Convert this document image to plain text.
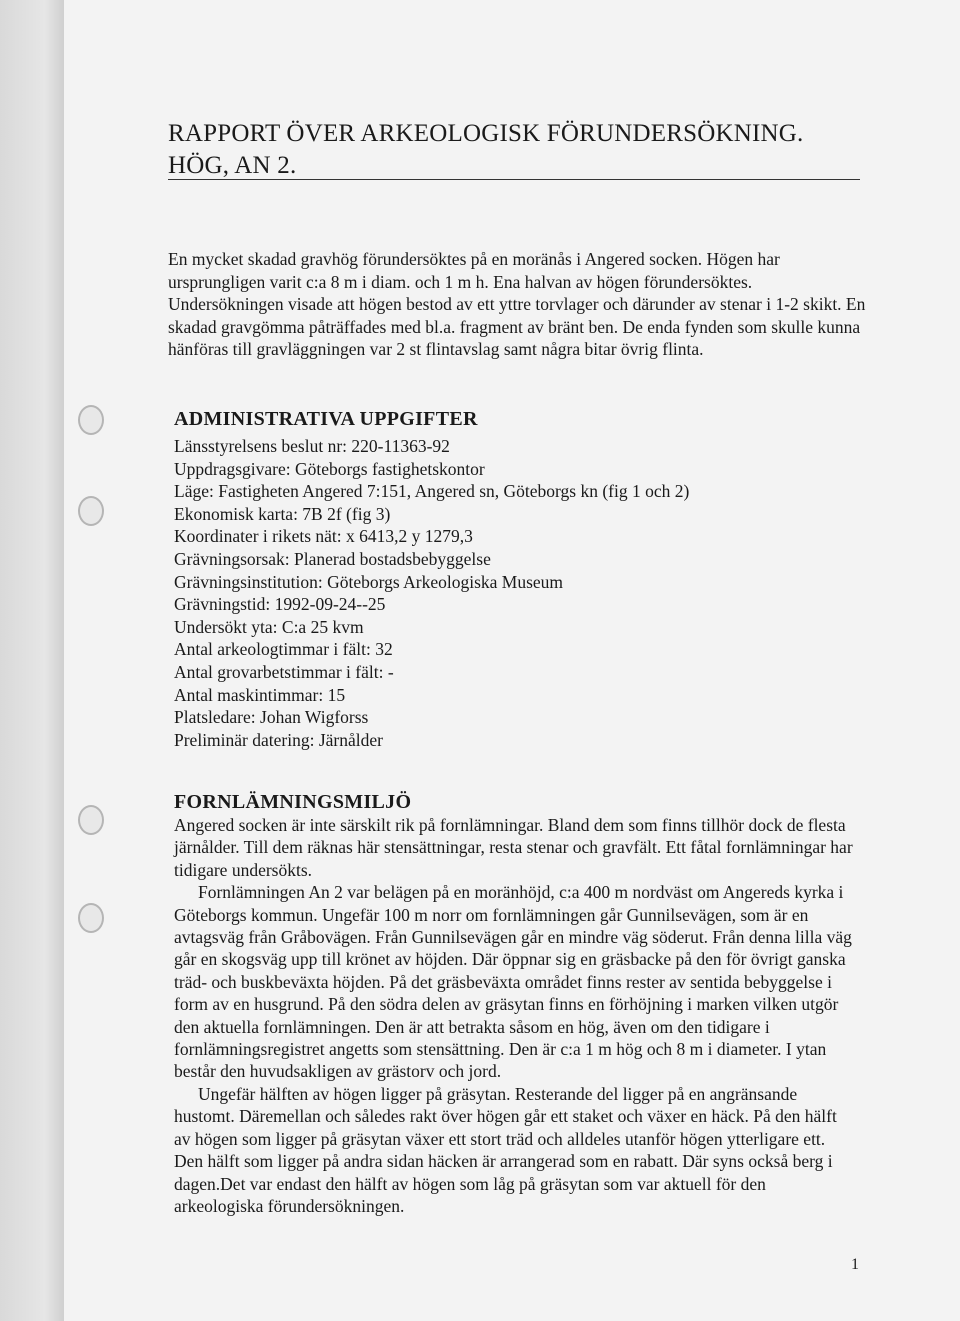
RAPPORT ÖVER ARKEOLOGISK FÖRUNDERSÖKNING.
HÖG, AN 2.

En mycket skadad gravhög förundersöktes på en moränås i Angered socken. Högen har ursprungligen varit c:a 8 m i diam. och 1 m h. Ena halvan av högen förundersöktes. Undersökningen visade att högen bestod av ett yttre torvlager och därunder av stenar i 1-2 skikt. En skadad gravgömma påträffades med bl.a. fragment av bränt ben. De enda fynden som skulle kunna hänföras till gravläggningen var 2 st flintavslag samt några bitar övrig flinta.

ADMINISTRATIVA UPPGIFTER
Länsstyrelsens beslut nr: 220-11363-92
Uppdragsgivare: Göteborgs fastighetskontor
Läge: Fastigheten Angered 7:151, Angered sn, Göteborgs kn (fig 1 och 2)
Ekonomisk karta: 7B 2f (fig 3)
Koordinater i rikets nät: x 6413,2 y 1279,3
Grävningsorsak: Planerad bostadsbebyggelse
Grävningsinstitution: Göteborgs Arkeologiska Museum
Grävningstid: 1992-09-24--25
Undersökt yta: C:a 25 kvm
Antal arkeologtimmar i fält: 32
Antal grovarbetstimmar i fält: -
Antal maskintimmar: 15
Platsledare: Johan Wigforss
Preliminär datering: Järnålder
FORNLÄMNINGSMILJÖ

Angered socken är inte särskilt rik på fornlämningar. Bland dem som finns tillhör dock de flesta järnålder. Till dem räknas här stensättningar, resta stenar och gravfält. Ett fåtal fornlämningar har tidigare undersökts.

Fornlämningen An 2 var belägen på en moränhöjd, c:a 400 m nordväst om Angereds kyrka i Göteborgs kommun. Ungefär 100 m norr om fornlämningen går Gunnilsevägen, som är en avtagsväg från Gråbovägen. Från Gunnilsevägen går en mindre väg söderut. Från denna lilla väg går en skogsväg upp till krönet av höjden. Där öppnar sig en gräsbacke på den för övrigt ganska träd- och buskbeväxta höjden. På det gräsbeväxta området finns rester av sentida bebyggelse i form av en husgrund. På den södra delen av gräsytan finns en förhöjning i marken vilken utgör den aktuella fornlämningen. Den är att betrakta såsom en hög, även om den tidigare i fornlämningsregistret angetts som stensättning. Den är c:a 1 m hög och 8 m i diameter. I ytan består den huvudsakligen av grästorv och jord.

Ungefär hälften av högen ligger på gräsytan. Resterande del ligger på en angränsande hustomt. Däremellan och således rakt över högen går ett staket och växer en häck. På den hälft av högen som ligger på gräsytan växer ett stort träd och alldeles utanför högen ytterligare ett. Den hälft som ligger på andra sidan häcken är arrangerad som en rabatt. Där syns också berg i dagen.Det var endast den hälft av högen som låg på gräsytan som var aktuell för den arkeologiska förundersökningen.

1
